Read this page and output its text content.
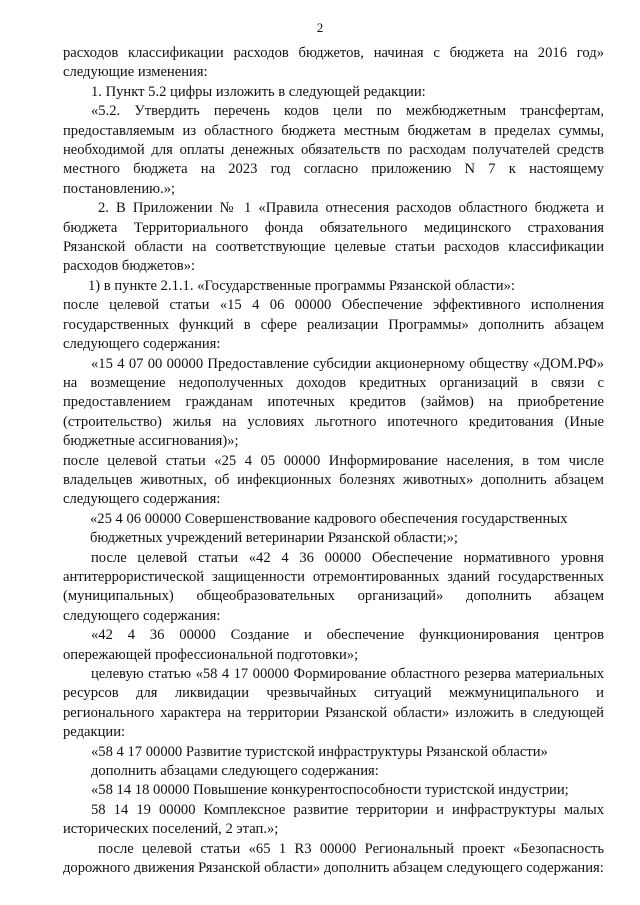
2

расходов классификации расходов бюджетов, начиная с бюджета на 2016 год» следующие изменения:

1. Пункт 5.2 цифры изложить в следующей редакции:

«5.2. Утвердить перечень кодов цели по межбюджетным трансфертам, предоставляемым из областного бюджета местным бюджетам в пределах суммы, необходимой для оплаты денежных обязательств по расходам получателей средств местного бюджета на 2023 год согласно приложению N 7 к настоящему постановлению.»;

2. В Приложении № 1 «Правила отнесения расходов областного бюджета и бюджета Территориального фонда обязательного медицинского страхования Рязанской области на соответствующие целевые статьи расходов классификации расходов бюджетов»:

1) в пункте 2.1.1. «Государственные программы Рязанской области»:

после целевой статьи «15 4 06 00000 Обеспечение эффективного исполнения государственных функций в сфере реализации Программы» дополнить абзацем следующего содержания:

«15 4 07 00 00000 Предоставление субсидии акционерному обществу «ДОМ.РФ» на возмещение недополученных доходов кредитных организаций в связи с предоставлением гражданам ипотечных кредитов (займов) на приобретение (строительство) жилья на условиях льготного ипотечного кредитования (Иные бюджетные ассигнования)»;

после целевой статьи «25 4 05 00000 Информирование населения, в том числе владельцев животных, об инфекционных болезнях животных» дополнить абзацем следующего содержания:

«25 4 06 00000 Совершенствование кадрового обеспечения государственных бюджетных учреждений ветеринарии Рязанской области;»;

после целевой статьи «42 4 36 00000 Обеспечение нормативного уровня антитеррористической защищенности отремонтированных зданий государственных (муниципальных) общеобразовательных организаций» дополнить абзацем следующего содержания:

«42 4 36 00000 Создание и обеспечение функционирования центров опережающей профессиональной подготовки»;

целевую статью «58 4 17 00000 Формирование областного резерва материальных ресурсов для ликвидации чрезвычайных ситуаций межмуниципального и регионального характера на территории Рязанской области» изложить в следующей редакции:

«58 4 17 00000 Развитие туристской инфраструктуры Рязанской области»

дополнить абзацами следующего содержания:

«58 14 18 00000 Повышение конкурентоспособности туристской индустрии;

58 14 19 00000 Комплексное развитие территории и инфраструктуры малых исторических поселений, 2 этап.»;

после целевой статьи «65 1 R3 00000 Региональный проект «Безопасность дорожного движения Рязанской области» дополнить абзацем следующего содержания:
